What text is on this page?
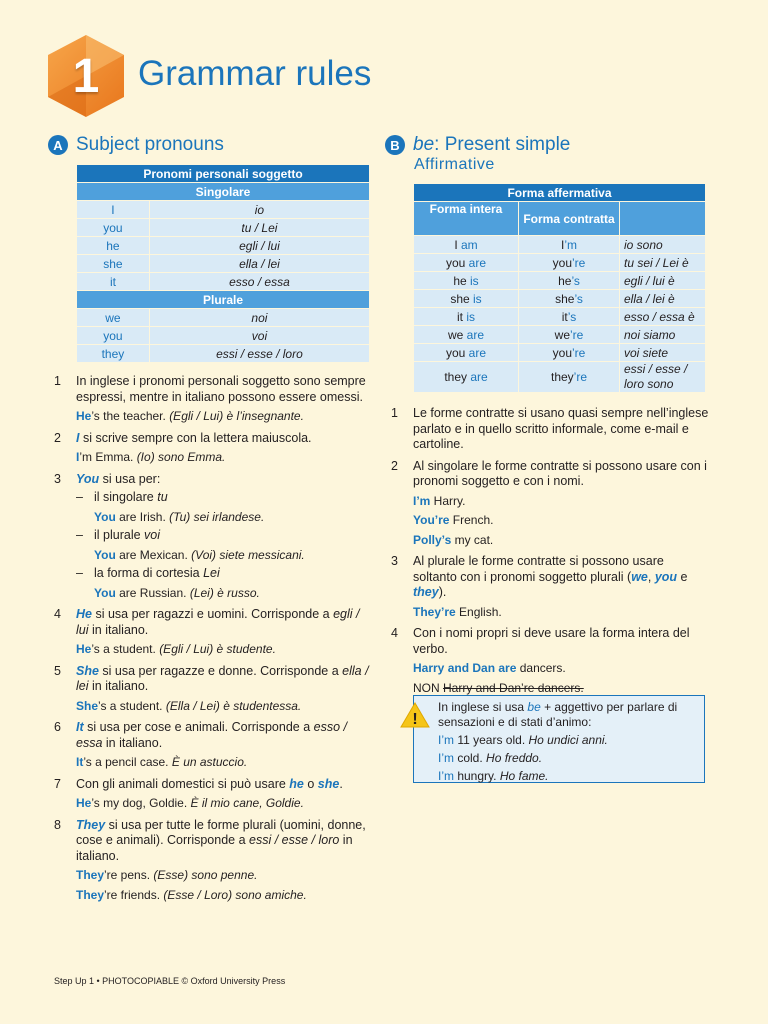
1	Grammar rules
A Subject pronouns	B be : Present simple
Affirmative
Pronomi personali soggetto	
Singolare	
I	io
you	tu / Lei
he	egli / lui
she	ella / lei
it	esso / essa
Plurale	
we	noi
you	voi
they	essi / esse / loro
Forma affermativa		
Forma intera	Forma contratta	
I am	I’m	io sono
you are	you’re	tu sei / Lei è
he is	he’s	egli / lui è
she is	she’s	ella / lei è
it is	it’s	esso / essa è
we are	we’re	noi siamo
you are	you’re	voi siete
they are	they’re	essi / esse / loro sono
1	In inglese i pronomi personali soggetto sono sempre espressi, mentre in italiano possono essere omessi.

He’s the teacher. (Egli / Lui) è l’insegnante.

2	I si scrive sempre con la lettera maiuscola.

I’m Emma. (Io) sono Emma.

3	You si usa per:

– il singolare tu

You are Irish. (Tu) sei irlandese.

– il plurale voi

You are Mexican. (Voi) siete messicani.

– la forma di cortesia Lei

You are Russian. (Lei) è russo.

4	He si usa per ragazzi e uomini. Corrisponde a egli / lui in italiano.

He’s a student. (Egli / Lui) è studente.

5	She si usa per ragazze e donne. Corrisponde a ella / lei in italiano.

She’s a student. (Ella / Lei) è studentessa.

6	It si usa per cose e animali. Corrisponde a esso / essa in italiano.

It’s a pencil case. È un astuccio.

7	Con gli animali domestici si può usare he o she.

He’s my dog, Goldie. È il mio cane, Goldie.

8	They si usa per tutte le forme plurali (uomini, donne, cose e animali). Corrisponde a essi / esse / loro in italiano.

They’re pens. (Esse) sono penne.

They’re friends. (Esse / Loro) sono amiche.

1	Le forme contratte si usano quasi sempre nell’inglese parlato e in quello scritto informale, come e-mail e cartoline.

2	Al singolare le forme contratte si possono usare con i pronomi soggetto e con i nomi.

I’m Harry.

You’re French.

Polly’s my cat.

3	Al plurale le forme contratte si possono usare soltanto con i pronomi soggetto plurali (we, you e they).

They’re English.

4	Con i nomi propri si deve usare la forma intera del verbo.

Harry and Dan are dancers.

NON Harry and Dan’re dancers.

!

In inglese si usa be + aggettivo per parlare di sensazioni e di stati d’animo:

I’m 11 years old. Ho undici anni.

I’m cold. Ho freddo.

I’m hungry. Ho fame.

Step Up 1 • PHOTOCOPIABLE © Oxford University Press
